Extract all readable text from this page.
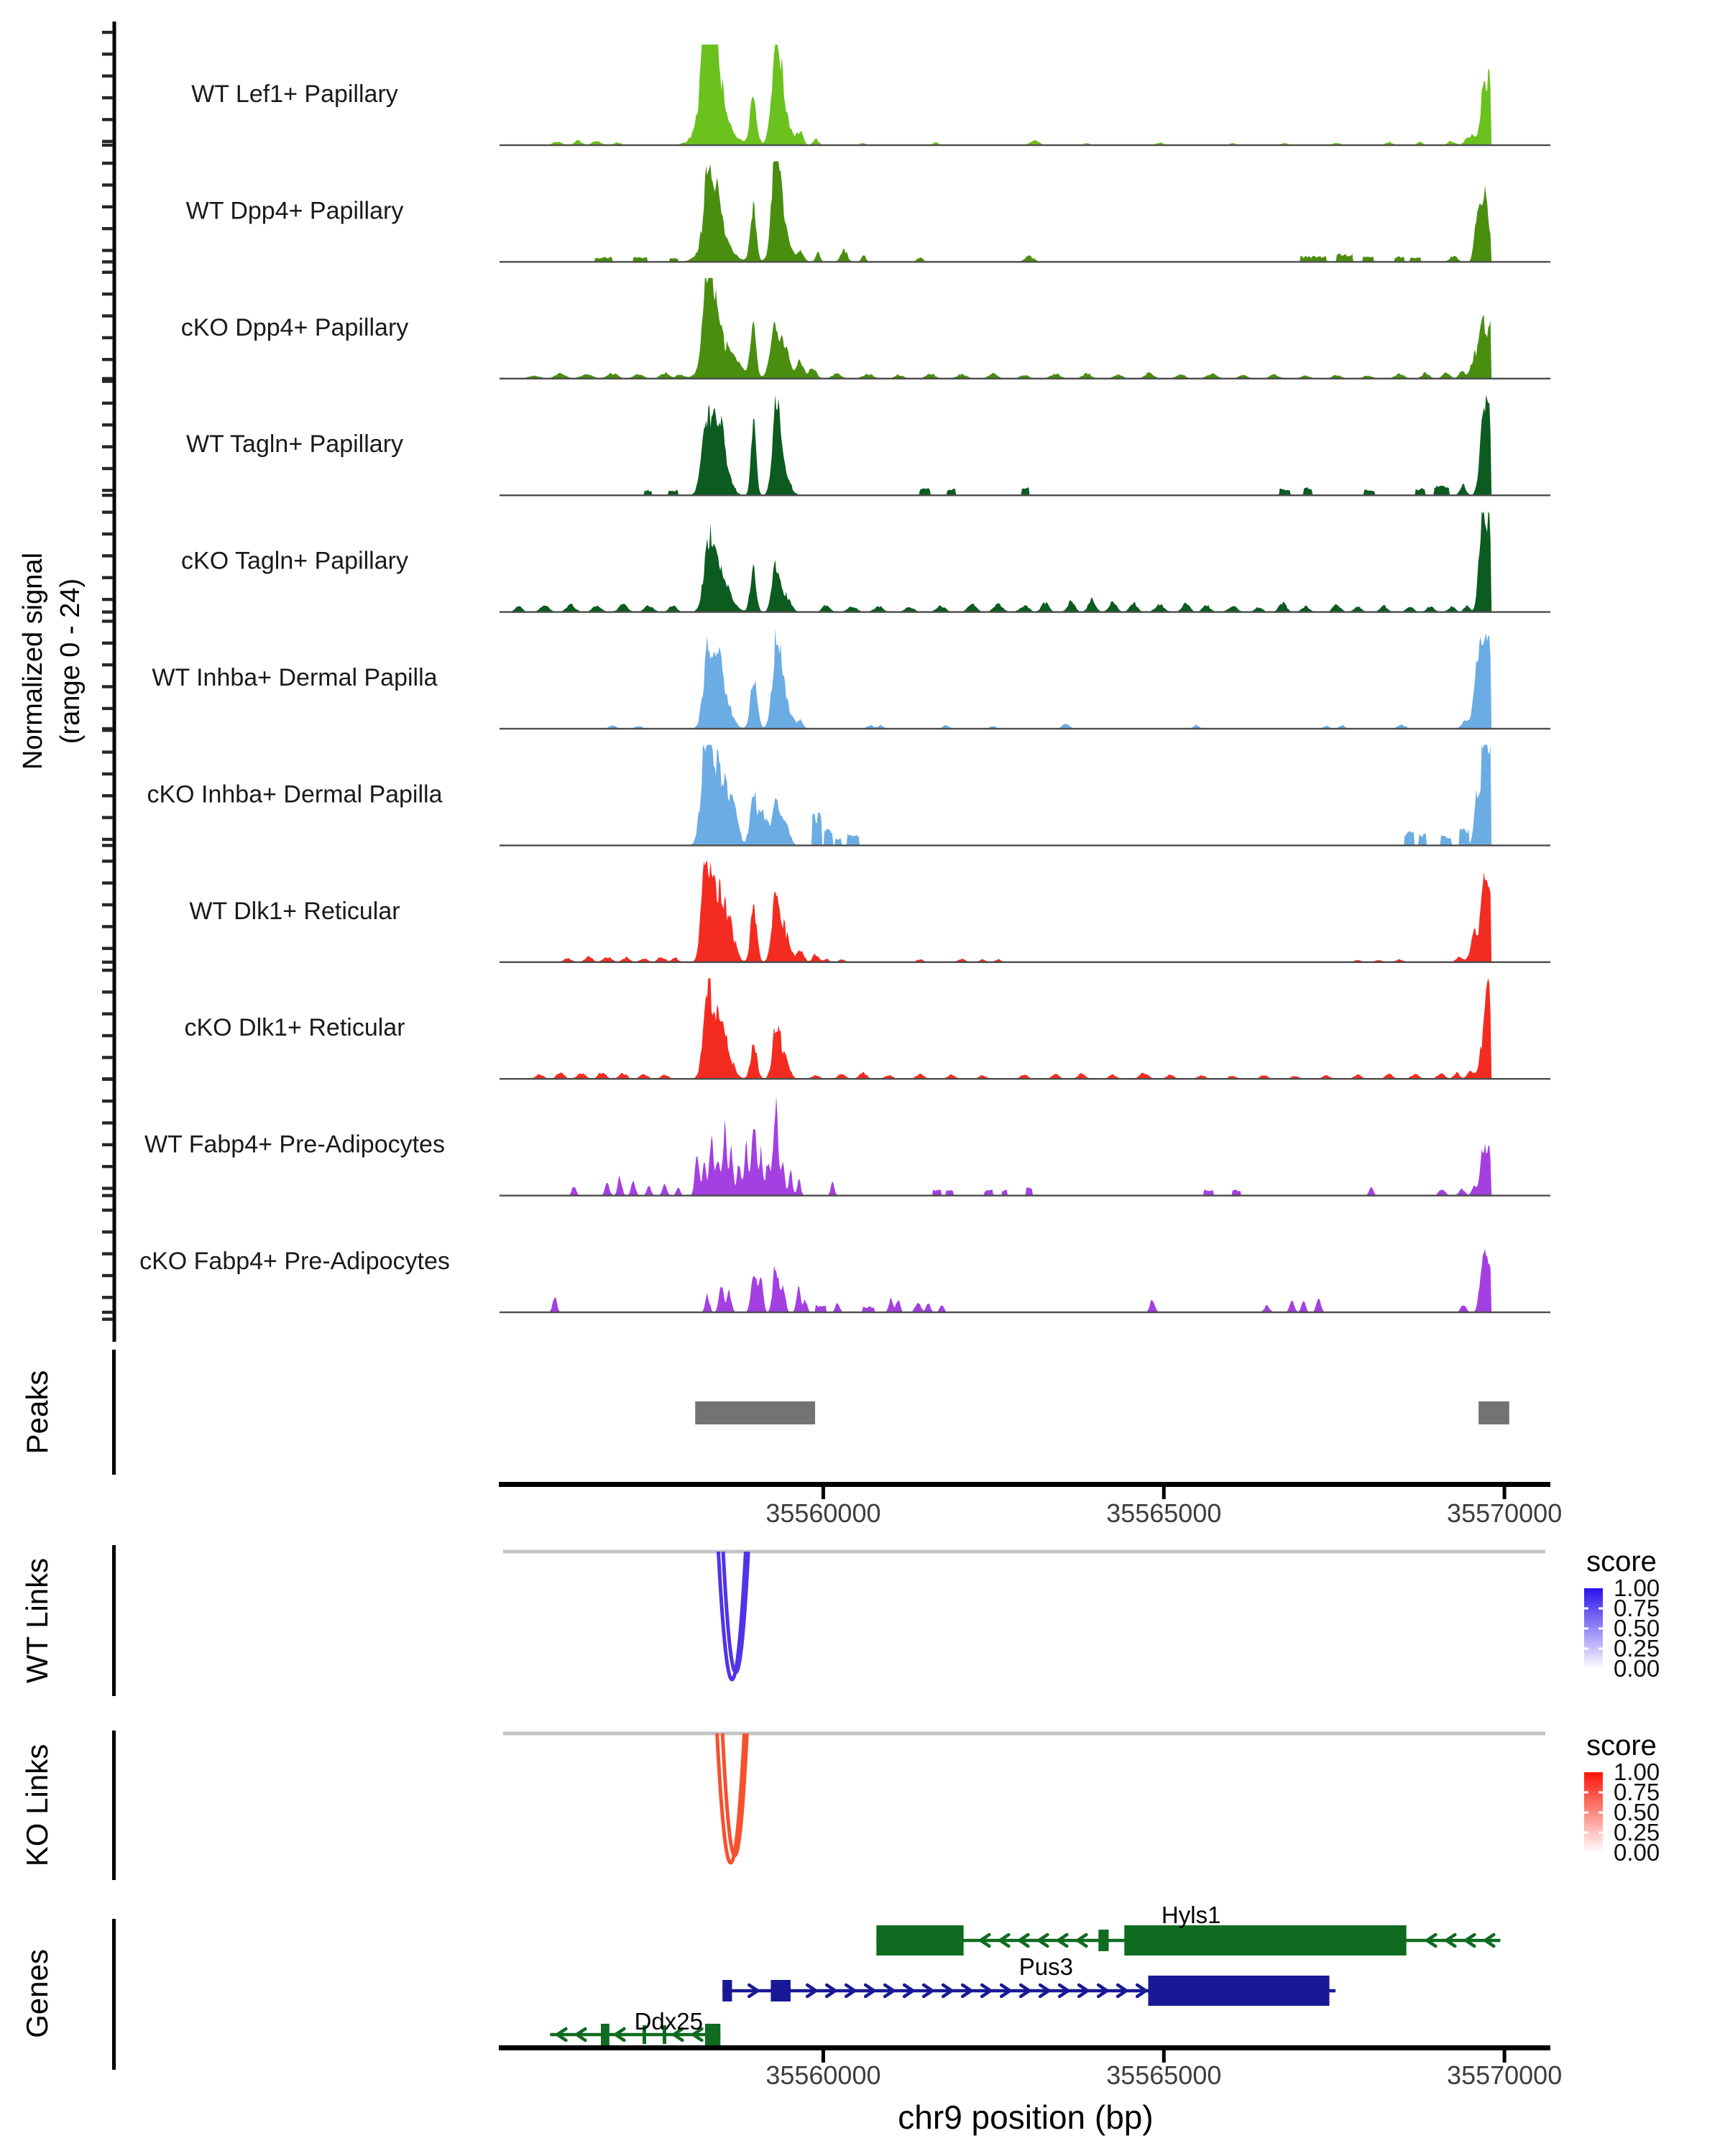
Normalized signal (range 0 - 24)
Peaks
WT Links
KO Links
Genes
chr9 position (bp)
WT Lef1+ Papillary
WT Dpp4+ Papillary
cKO Dpp4+ Papillary
WT Tagln+ Papillary
cKO Tagln+ Papillary
WT Inhba+ Dermal Papilla
cKO Inhba+ Dermal Papilla
WT Dlk1+ Reticular
cKO Dlk1+ Reticular
WT Fabp4+ Pre-Adipocytes
cKO Fabp4+ Pre-Adipocytes
35560000	35565000	35570000
score
1.00
0.75
0.50
0.25
0.00
score
1.00
0.75
0.50
0.25
0.00
Hyls1
Pus3
Ddx25
35560000	35565000	35570000
